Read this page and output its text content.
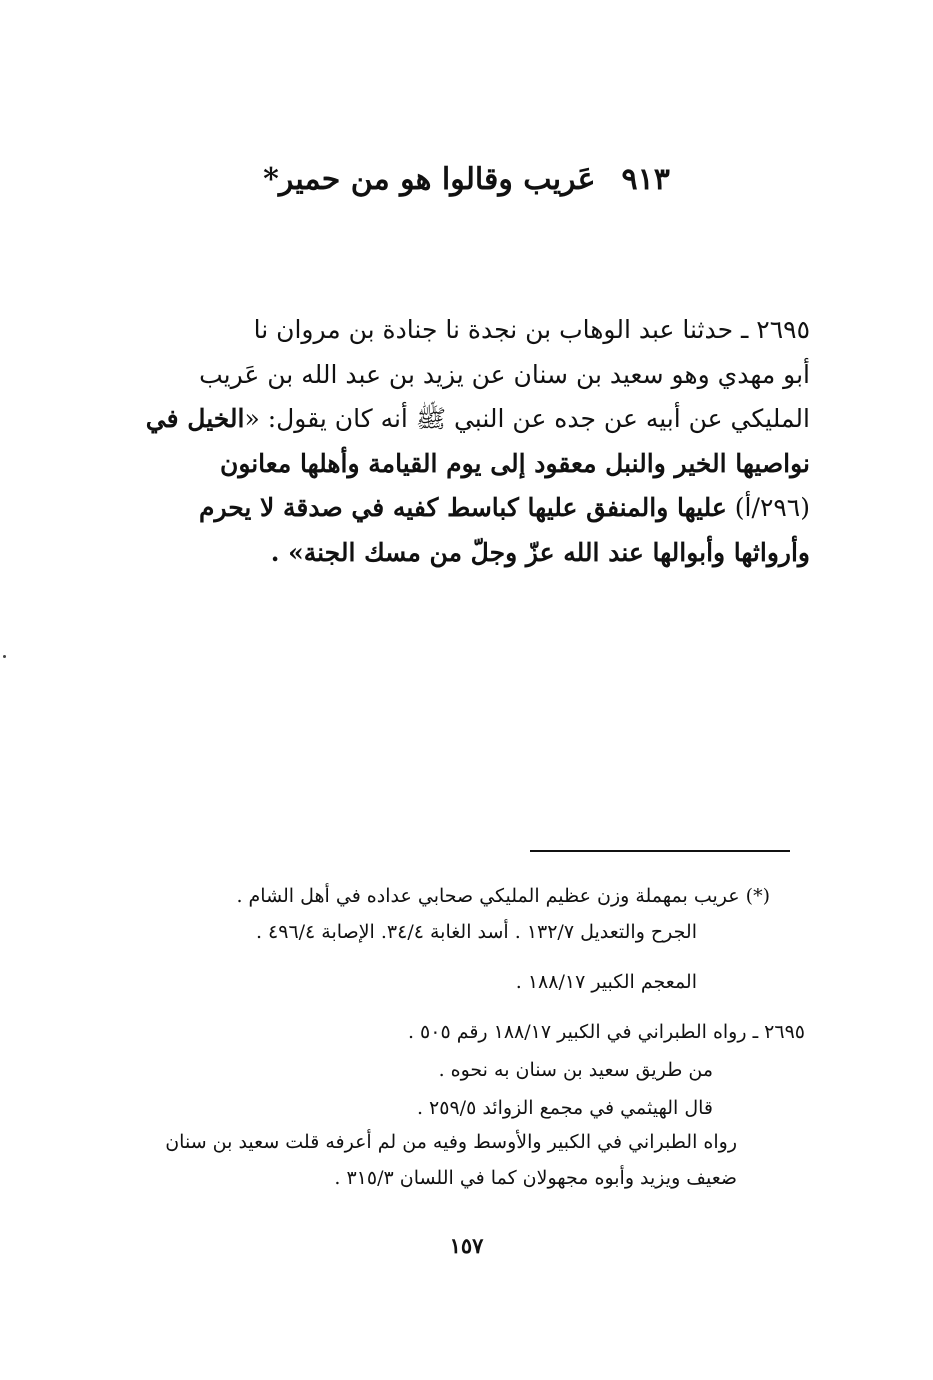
٩١٣عَريب وقالوا هو من حمير*
٢٦٩٥ ـ حدثنا عبد الوهاب بن نجدة نا جنادة بن مروان نا
أبو مهدي وهو سعيد بن سنان عن يزيد بن عبد الله بن عَريب
المليكي عن أبيه عن جده عن النبي ﷺ أنه كان يقول: «الخيل في
نواصيها الخير والنبل معقود إلى يوم القيامة وأهلها معانون
(٢٩٦/أ) عليها والمنفق عليها كباسط كفيه في صدقة لا يحرم
وأرواثها وأبوالها عند الله عزّ وجلّ من مسك الجنة» .
(*) عريب بمهملة وزن عظيم المليكي صحابي عداده في أهل الشام .
الجرح والتعديل ١٣٢/٧ . أسد الغابة ٣٤/٤. الإصابة ٤٩٦/٤ .
المعجم الكبير ١٨٨/١٧ .
٢٦٩٥ ـ رواه الطبراني في الكبير ١٨٨/١٧ رقم ٥٠٥ .
من طريق سعيد بن سنان به نحوه .
قال الهيثمي في مجمع الزوائد ٢٥٩/٥ .
رواه الطبراني في الكبير والأوسط وفيه من لم أعرفه قلت سعيد بن سنان
ضعيف ويزيد وأبوه مجهولان كما في اللسان ٣١٥/٣ .
١٥٧
